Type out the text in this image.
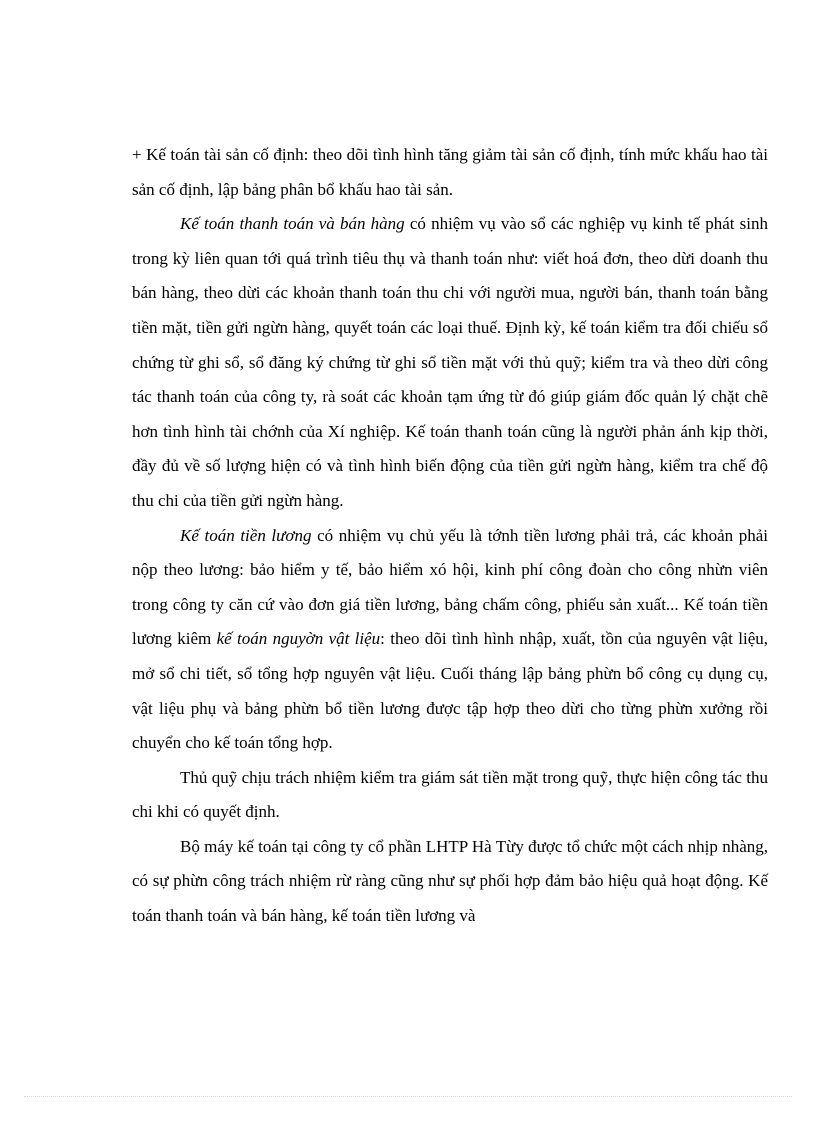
+ Kế toán tài sản cố định: theo dõi tình hình tăng giảm tài sản cố định, tính mức khấu hao tài sản cố định, lập bảng phân bổ khấu hao tài sản.

Kế toán thanh toán và bán hàng có nhiệm vụ vào sổ các nghiệp vụ kinh tế phát sinh trong kỳ liên quan tới quá trình tiêu thụ và thanh toán như: viết hoá đơn, theo dừi doanh thu bán hàng, theo dừi các khoản thanh toán thu chi với người mua, người bán, thanh toán bằng tiền mặt, tiền gửi ngừn hàng, quyết toán các loại thuế. Định kỳ, kế toán kiểm tra đối chiếu sổ chứng từ ghi sổ, sổ đăng ký chứng từ ghi sổ tiền mặt với thủ quỹ; kiểm tra và theo dừi công tác thanh toán của công ty, rà soát các khoản tạm ứng từ đó giúp giám đốc quản lý chặt chẽ hơn tình hình tài chớnh của Xí nghiệp. Kế toán thanh toán cũng là người phản ánh kịp thời, đầy đủ về số lượng hiện có và tình hình biến động của tiền gửi ngừn hàng, kiểm tra chế độ thu chi của tiền gửi ngừn hàng.

Kế toán tiền lương có nhiệm vụ chủ yếu là tớnh tiền lương phải trả, các khoản phải nộp theo lương: bảo hiểm y tế, bảo hiểm xó hội, kinh phí công đoàn cho công nhừn viên trong công ty căn cứ vào đơn giá tiền lương, bảng chấm công, phiếu sản xuất... Kế toán tiền lương kiêm kế toán nguyờn vật liệu: theo dõi tình hình nhập, xuất, tồn của nguyên vật liệu, mở sổ chi tiết, sổ tổng hợp nguyên vật liệu. Cuối tháng lập bảng phừn bổ công cụ dụng cụ, vật liệu phụ và bảng phừn bổ tiền lương được tập hợp theo dừi cho từng phừn xưởng rồi chuyển cho kế toán tổng hợp.

Thủ quỹ chịu trách nhiệm kiểm tra giám sát tiền mặt trong quỹ, thực hiện công tác thu chi khi có quyết định.

Bộ máy kế toán tại công ty cổ phần LHTP Hà Từy được tổ chức một cách nhịp nhàng, có sự phừn công trách nhiệm rừ ràng cũng như sự phối hợp đảm bảo hiệu quả hoạt động. Kế toán thanh toán và bán hàng, kế toán tiền lương và
